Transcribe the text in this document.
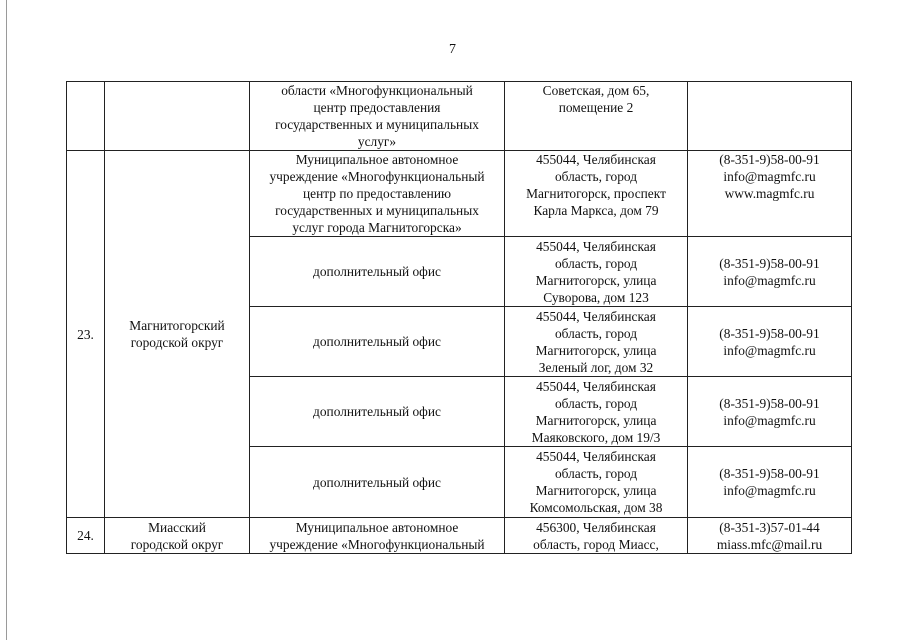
7

		области «Многофункциональный
центр предоставления
государственных и муниципальных
услуг»	Советская, дом 65,
помещение 2	

23.	Магнитогорский
городской округ	Муниципальное автономное
учреждение «Многофункциональный
центр по предоставлению
государственных и муниципальных
услуг города Магнитогорска»	455044, Челябинская
область, город
Магнитогорск, проспект
Карла Маркса, дом 79	(8-351-9)58-00-91
info@magmfc.ru
www.magmfc.ru

		дополнительный офис	455044, Челябинская
область, город
Магнитогорск, улица
Суворова, дом 123	(8-351-9)58-00-91
info@magmfc.ru

		дополнительный офис	455044, Челябинская
область, город
Магнитогорск, улица
Зеленый лог, дом 32	(8-351-9)58-00-91
info@magmfc.ru

		дополнительный офис	455044, Челябинская
область, город
Магнитогорск, улица
Маяковского, дом 19/3	(8-351-9)58-00-91
info@magmfc.ru

		дополнительный офис	455044, Челябинская
область, город
Магнитогорск, улица
Комсомольская, дом 38	(8-351-9)58-00-91
info@magmfc.ru

24.	Миасский
городской округ	Муниципальное автономное
учреждение «Многофункциональный	456300, Челябинская
область, город Миасс,	(8-351-3)57-01-44
miass.mfc@mail.ru
